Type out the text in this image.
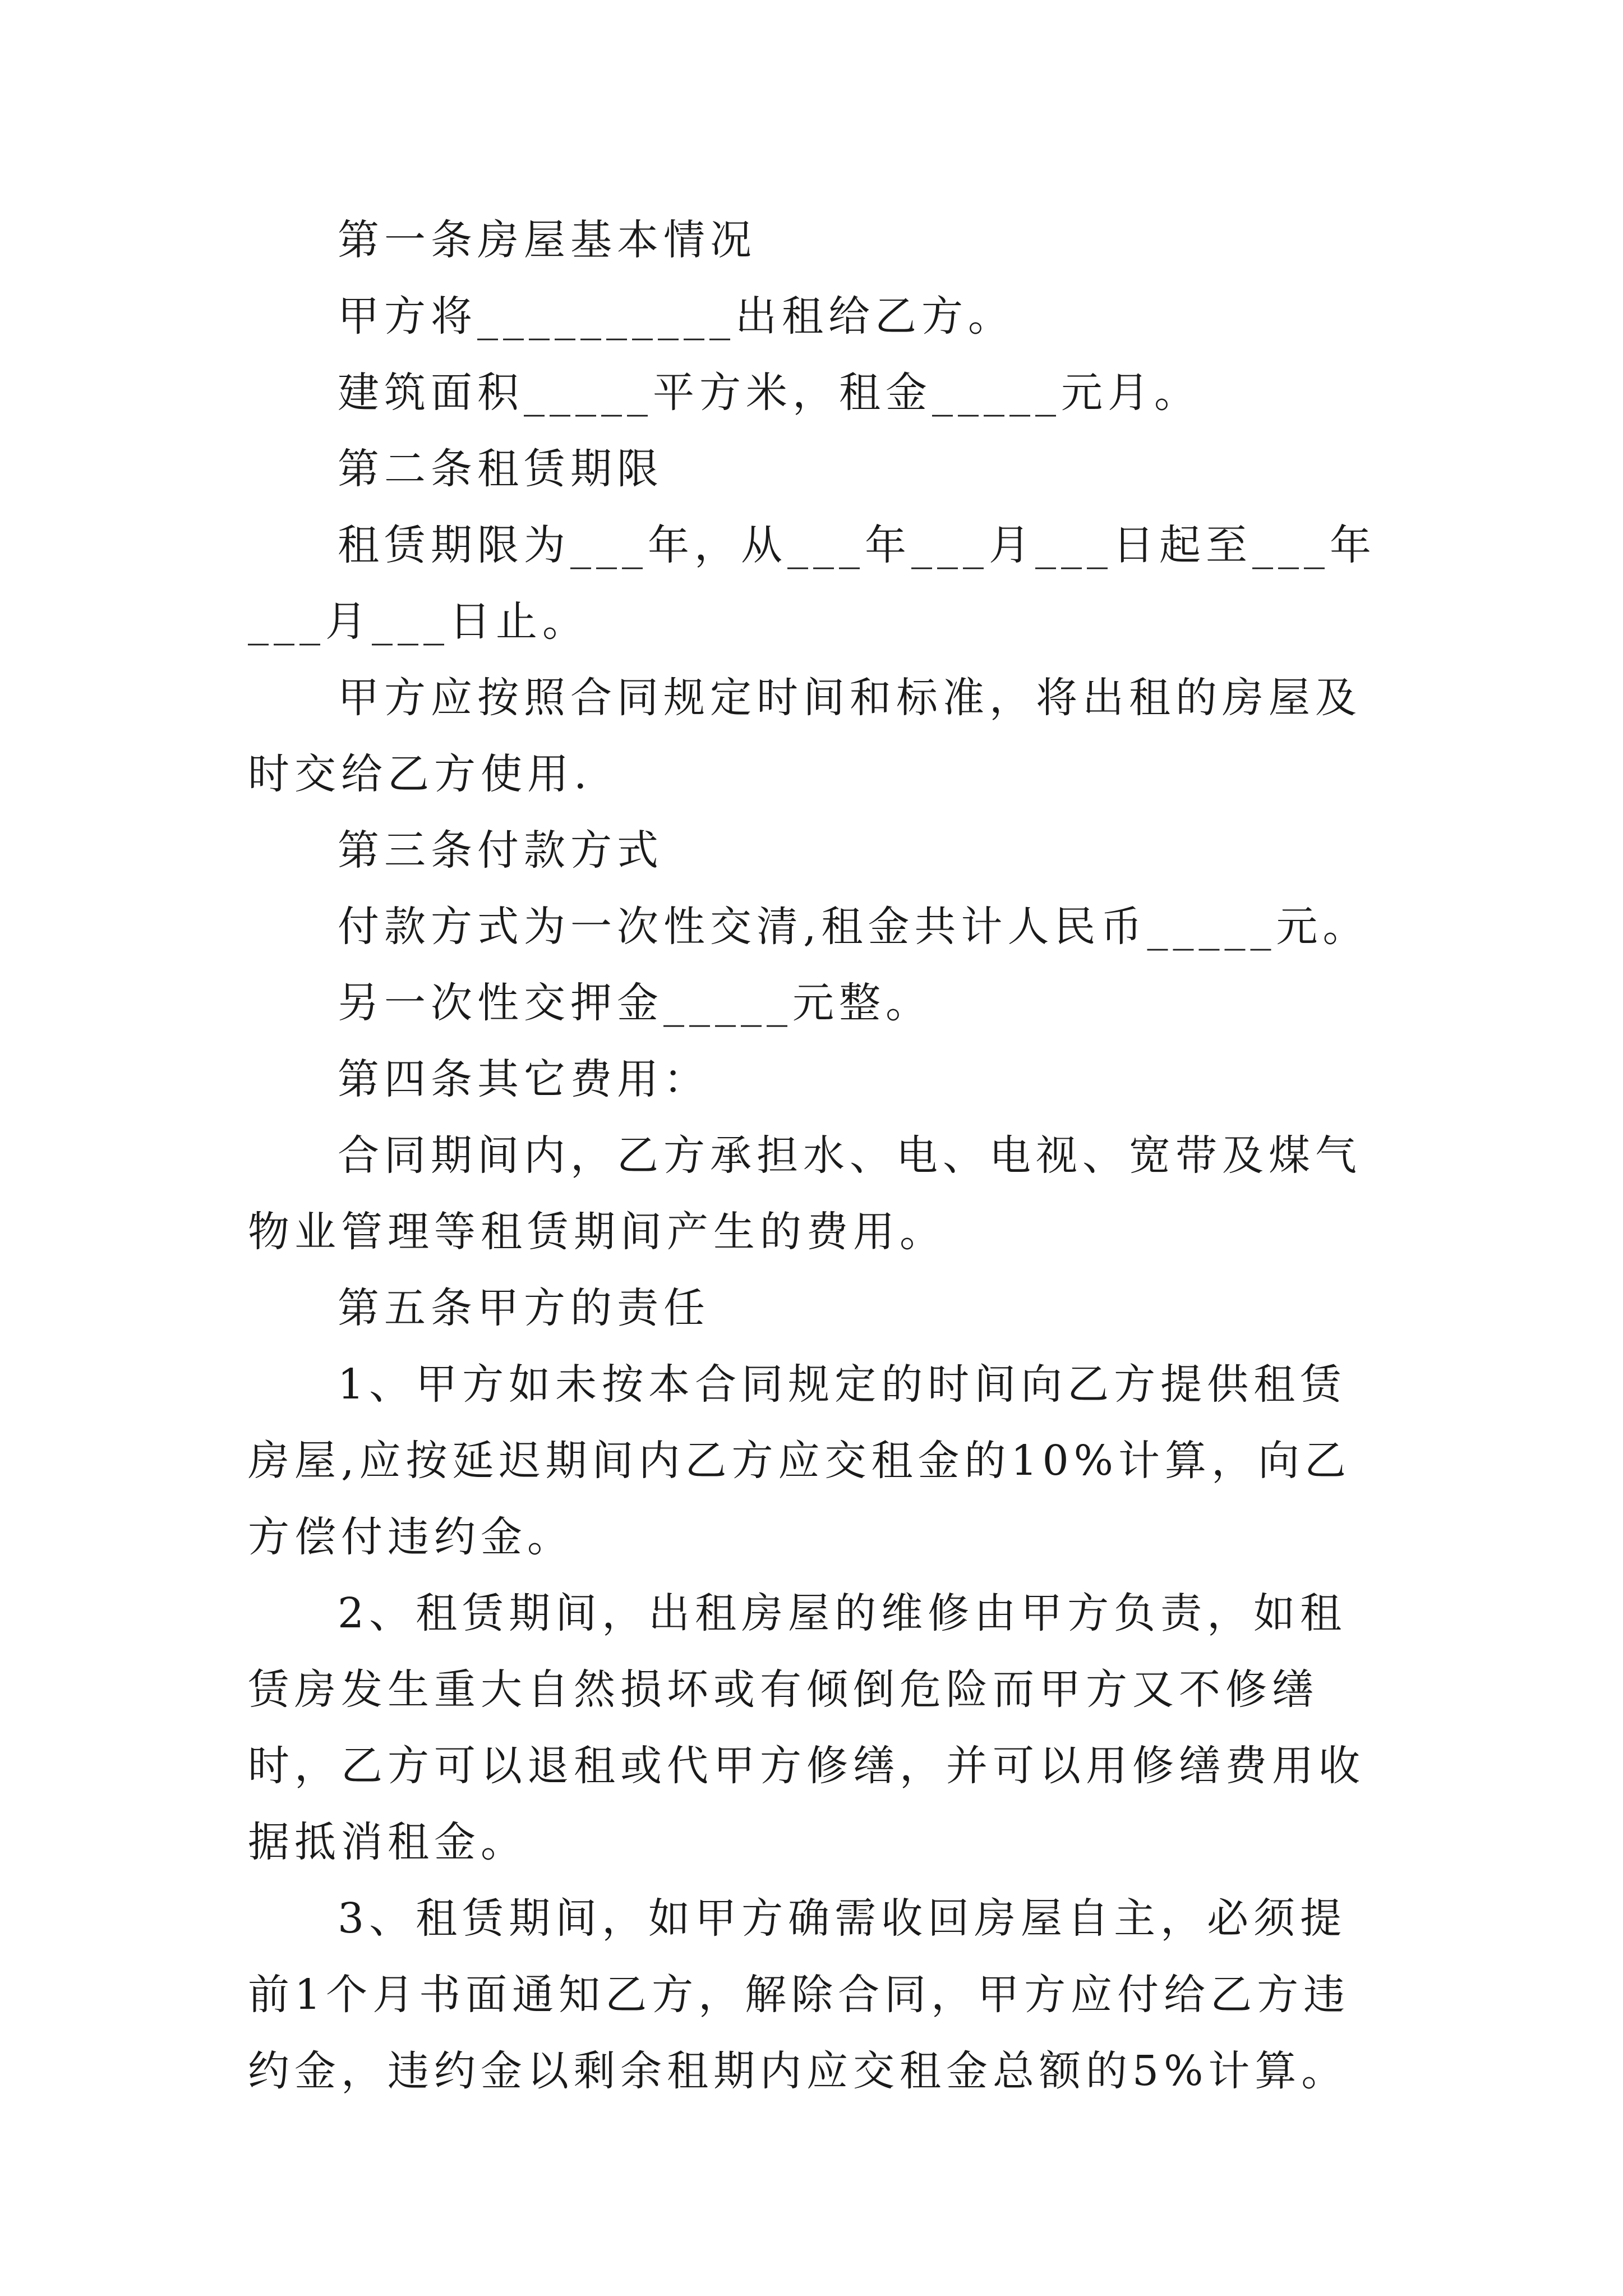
第一条房屋基本情况

甲方将__________出租给乙方。

建筑面积_____平方米，租金_____元月。

第二条租赁期限

租赁期限为___年，从___年___月___日起至___年___月___日止。

甲方应按照合同规定时间和标准，将出租的房屋及时交给乙方使用.

第三条付款方式

付款方式为一次性交清,租金共计人民币_____元。

另一次性交押金_____元整。

第四条其它费用：

合同期间内，乙方承担水、电、电视、宽带及煤气物业管理等租赁期间产生的费用。

第五条甲方的责任

1、甲方如未按本合同规定的时间向乙方提供租赁房屋,应按延迟期间内乙方应交租金的10%计算，向乙方偿付违约金。

2、租赁期间，出租房屋的维修由甲方负责，如租赁房发生重大自然损坏或有倾倒危险而甲方又不修缮时，乙方可以退租或代甲方修缮，并可以用修缮费用收据抵消租金。

3、租赁期间，如甲方确需收回房屋自主，必须提前1个月书面通知乙方，解除合同，甲方应付给乙方违约金，违约金以剩余租期内应交租金总额的5%计算。
